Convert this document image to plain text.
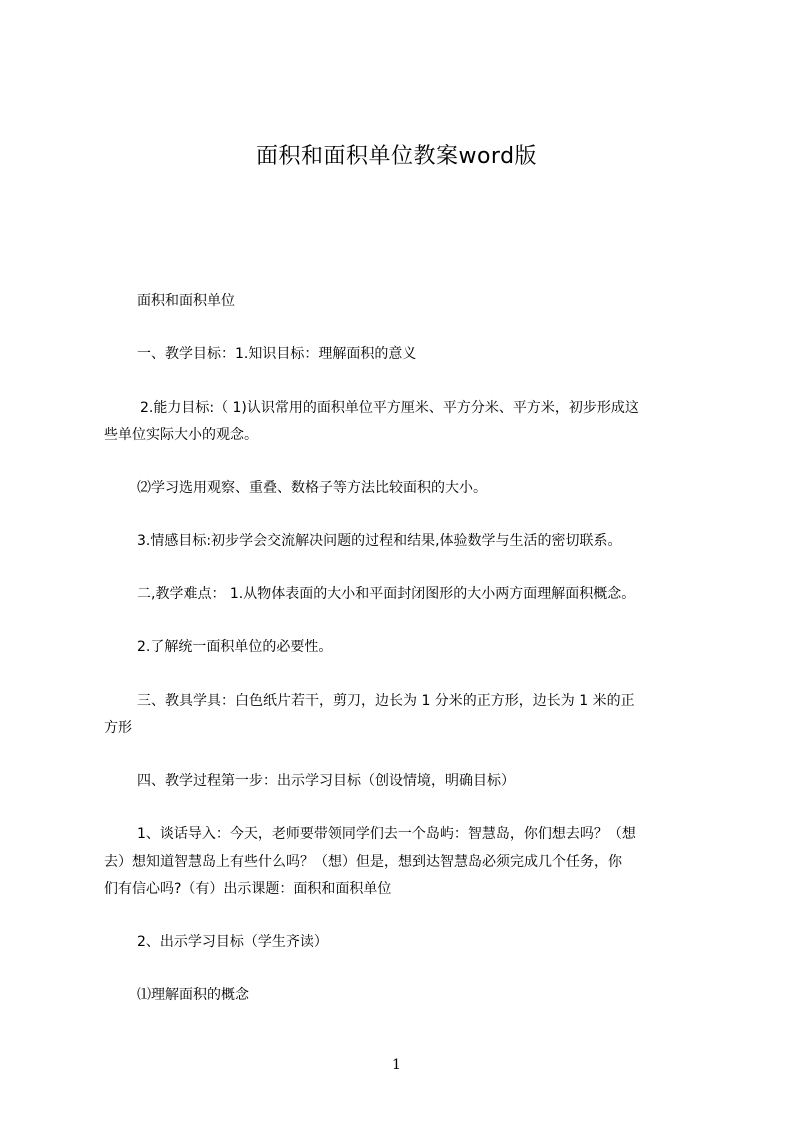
面积和面积单位教案word版
面积和面积单位
一、教学目标：1.知识目标：理解面积的意义
2.能力目标:（ 1)认识常用的面积单位平方厘米、平方分米、平方米，初步形成这
些单位实际大小的观念。
⑵学习选用观察、重叠、数格子等方法比较面积的大小。
3.情感目标:初步学会交流解决问题的过程和结果,体验数学与生活的密切联系。
二,教学难点： 1.从物体表面的大小和平面封闭图形的大小两方面理解面积概念。
2.了解统一面积单位的必要性。
三、教具学具：白色纸片若干，剪刀，边长为 1 分米的正方形，边长为 1 米的正
方形
四、教学过程第一步：出示学习目标（创设情境，明确目标）
1、谈话导入：今天，老师要带领同学们去一个岛屿：智慧岛，你们想去吗？（想
去）想知道智慧岛上有些什么吗？（想）但是，想到达智慧岛必须完成几个任务，你
们有信心吗?（有）出示课题：面积和面积单位
2、出示学习目标（学生齐读）
⑴理解面积的概念
1
